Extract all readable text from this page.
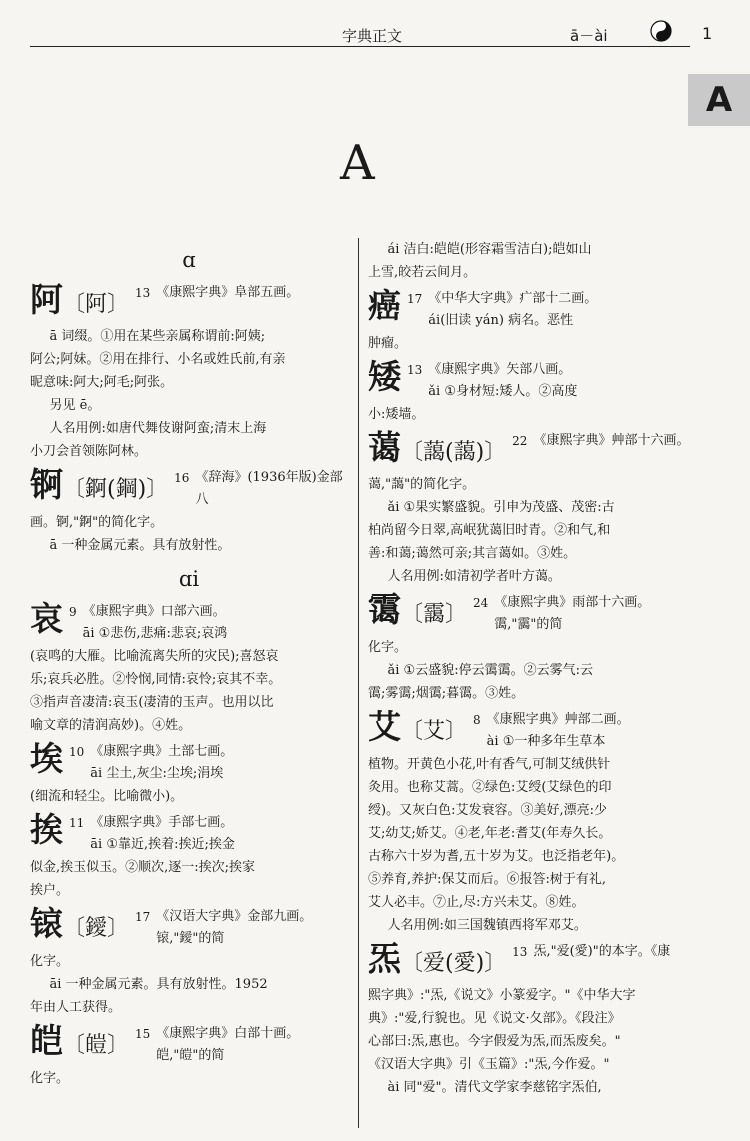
字典正文	ā－ài	1
A
A
ɑ
阿〔阿〕 13 《康熙字典》阜部五画。
ā 词缀。①用在某些亲属称谓前:阿姨;
阿公;阿妹。②用在排行、小名或姓氏前,有亲
昵意味:阿大;阿毛;阿张。
另见 ē。
人名用例:如唐代舞伎谢阿蛮;清末上海
小刀会首领陈阿林。
锕〔錒(鋼)〕 16 《辞海》(1936年版)金部八
画。锕,"錒"的简化字。
ā 一种金属元素。具有放射性。
ɑi
哀 9 《康熙字典》口部六画。
āi ①悲伤,悲痛:悲哀;哀鸿
(哀鸣的大雁。比喻流离失所的灾民);喜怒哀
乐;哀兵必胜。②怜悯,同情:哀怜;哀其不幸。
③指声音凄清:哀玉(凄清的玉声。也用以比
喻文章的清润高妙)。④姓。
埃 10 《康熙字典》土部七画。
āi 尘土,灰尘:尘埃;涓埃
(细流和轻尘。比喻微小)。
挨 11 《康熙字典》手部七画。
āi ①靠近,挨着:挨近;挨金
似金,挨玉似玉。②顺次,逐一:挨次;挨家
挨户。
锿〔鑀〕 17 《汉语大字典》金部九画。锿,"鑀"的简
化字。
āi 一种金属元素。具有放射性。1952
年由人工获得。
皑〔皚〕 15 《康熙字典》白部十画。皑,"皚"的简
化字。
ái 洁白:皑皑(形容霜雪洁白);皑如山
上雪,皎若云间月。
癌 17 《中华大字典》疒部十二画。
ái(旧读 yán) 病名。恶性
肿瘤。
矮 13 《康熙字典》矢部八画。
ǎi ①身材短:矮人。②高度
小:矮墙。
蔼〔藹(藹)〕 22 《康熙字典》艸部十六画。
蔼,"藹"的简化字。
ǎi ①果实繁盛貌。引申为茂盛、茂密:古
柏尚留今日翠,高岷犹蔼旧时青。②和气,和
善:和蔼;蔼然可亲;其言蔼如。③姓。
人名用例:如清初学者叶方蔼。
霭〔靄〕 24 《康熙字典》雨部十六画。霭,"靄"的简
化字。
ǎi ①云盛貌:停云霭霭。②云雾气:云
霭;雾霭;烟霭;暮霭。③姓。
艾〔艾〕 8 《康熙字典》艸部二画。
ài ①一种多年生草本
植物。开黄色小花,叶有香气,可制艾绒供针
灸用。也称艾蒿。②绿色:艾绶(艾绿色的印
绶)。又灰白色:艾发衰容。③美好,漂亮:少
艾;幼艾;娇艾。④老,年老:耆艾(年寿久长。
古称六十岁为耆,五十岁为艾。也泛指老年)。
⑤养育,养护:保艾而后。⑥报答:树于有礼,
艾人必丰。⑦止,尽:方兴未艾。⑧姓。
人名用例:如三国魏镇西将军邓艾。
炁〔爱(愛)〕 13 炁,"爱(愛)"的本字。《康
熙字典》:"炁,《说文》小篆爱字。"《中华大字
典》:"爱,行貌也。见《说文·夂部》。《段注》
心部曰:炁,惠也。今字假爱为炁,而炁废矣。"
《汉语大字典》引《玉篇》:"炁,今作爱。"
ài 同"爱"。清代文学家李慈铭字炁伯,
